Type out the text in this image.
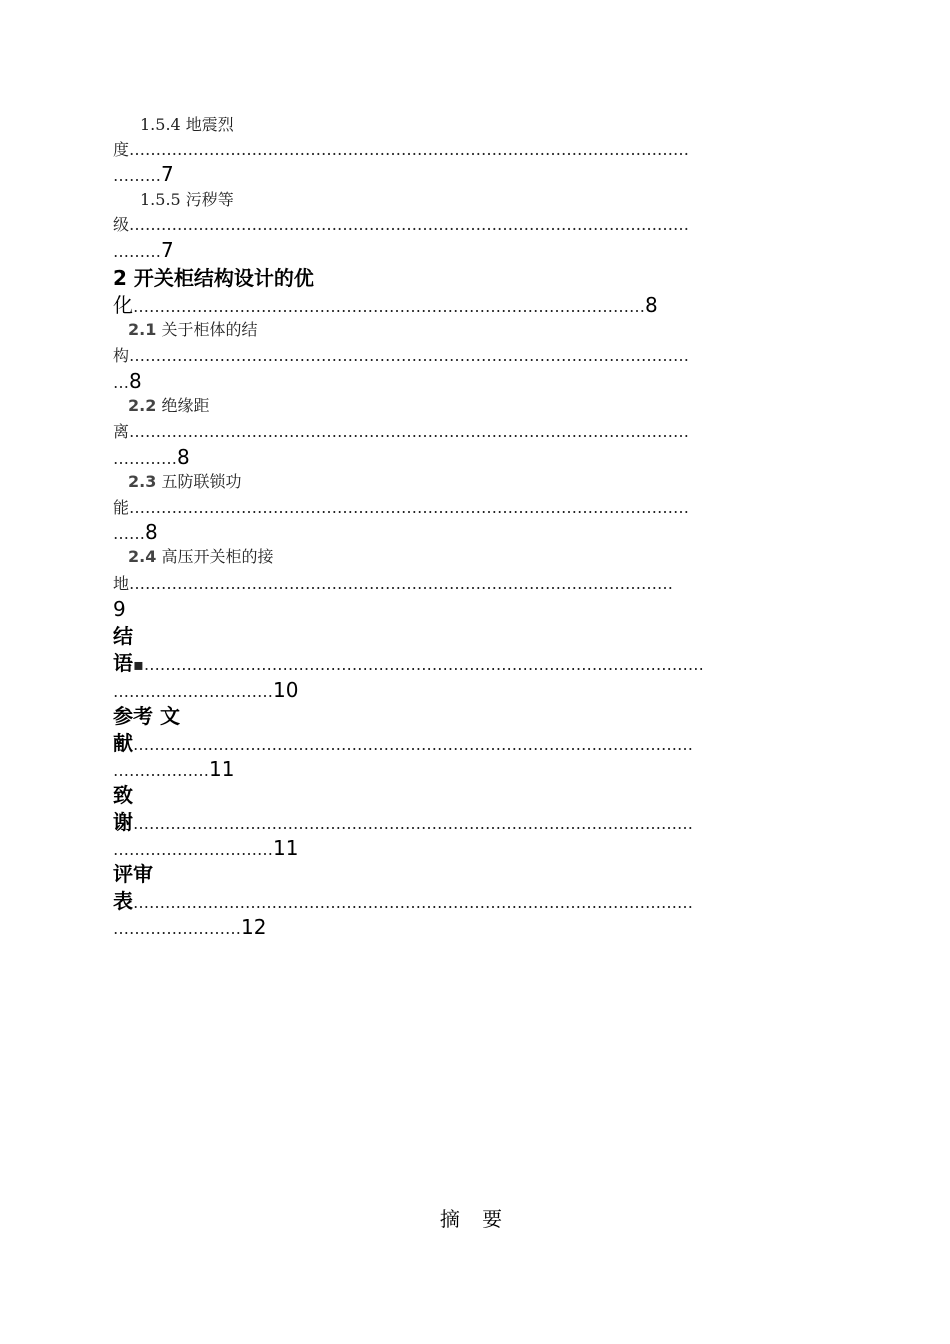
1.5.4 地震烈
度……………………………………………………………………………………………
………7
1.5.5 污秽等
级……………………………………………………………………………………………
………7
2 开关柜结构设计的优
化……………………………………………………………………………………8
2.1 关于柜体的结
构……………………………………………………………………………………………
…8
2.2 绝缘距
离……………………………………………………………………………………………
…………8
2.3 五防联锁功
能……………………………………………………………………………………………
……8
2.4 高压开关柜的接
地…………………………………………………………………………………………
9
结
语▪……………………………………………………………………………………………
…………………………10
参考 文
献……………………………………………………………………………………………
………………11
致
谢……………………………………………………………………………………………
…………………………11
评审
表……………………………………………………………………………………………
……………………12
摘 要
